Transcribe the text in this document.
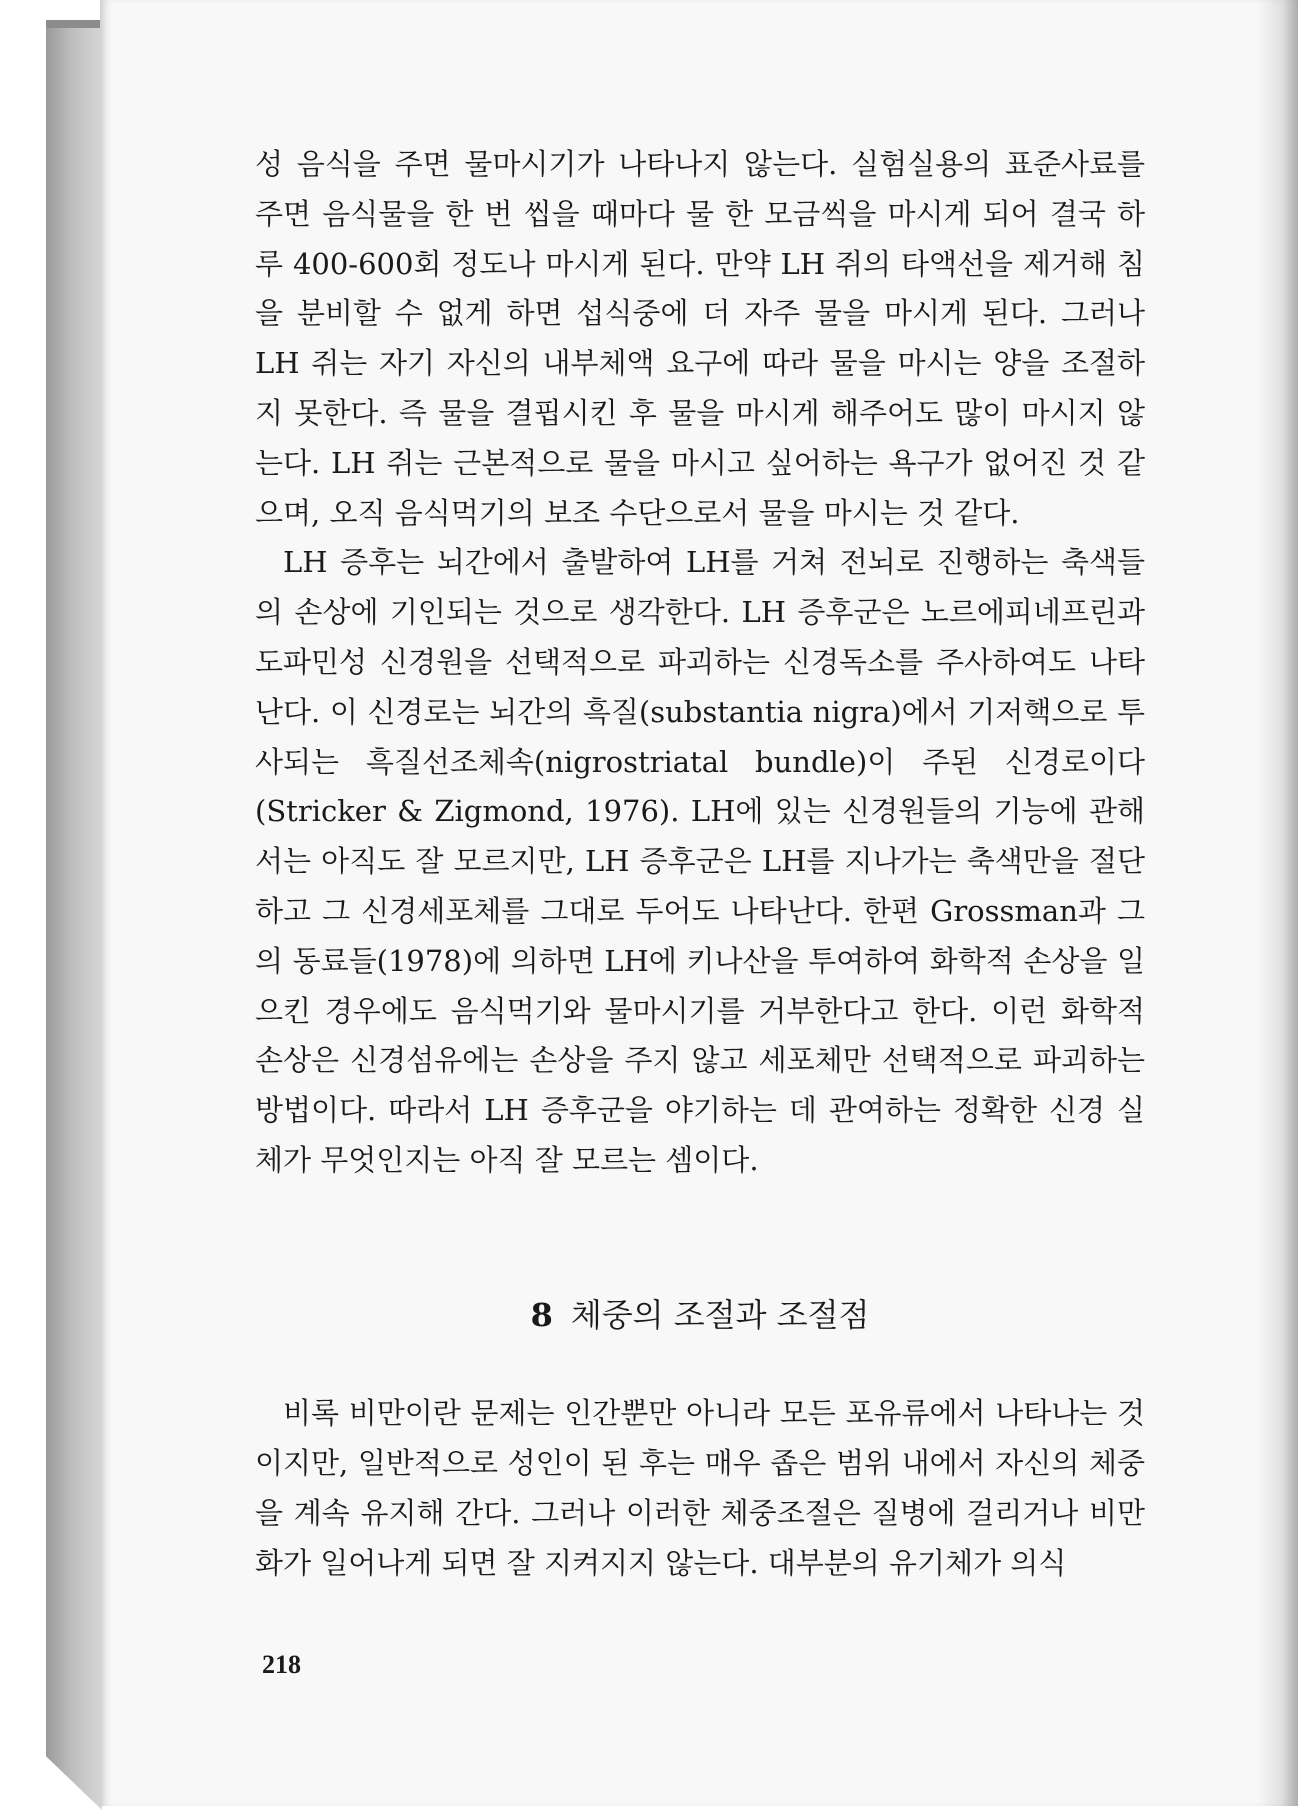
성 음식을 주면 물마시기가 나타나지 않는다. 실험실용의 표준사료를 주면 음식물을 한 번 씹을 때마다 물 한 모금씩을 마시게 되어 결국 하루 400-600회 정도나 마시게 된다. 만약 LH 쥐의 타액선을 제거해 침을 분비할 수 없게 하면 섭식중에 더 자주 물을 마시게 된다. 그러나 LH 쥐는 자기 자신의 내부체액 요구에 따라 물을 마시는 양을 조절하지 못한다. 즉 물을 결핍시킨 후 물을 마시게 해주어도 많이 마시지 않는다. LH 쥐는 근본적으로 물을 마시고 싶어하는 욕구가 없어진 것 같으며, 오직 음식먹기의 보조 수단으로서 물을 마시는 것 같다.

LH 증후는 뇌간에서 출발하여 LH를 거쳐 전뇌로 진행하는 축색들의 손상에 기인되는 것으로 생각한다. LH 증후군은 노르에피네프린과 도파민성 신경원을 선택적으로 파괴하는 신경독소를 주사하여도 나타난다. 이 신경로는 뇌간의 흑질(substantia nigra)에서 기저핵으로 투사되는 흑질선조체속(nigrostriatal bundle)이 주된 신경로이다(Stricker & Zigmond, 1976). LH에 있는 신경원들의 기능에 관해서는 아직도 잘 모르지만, LH 증후군은 LH를 지나가는 축색만을 절단하고 그 신경세포체를 그대로 두어도 나타난다. 한편 Grossman과 그의 동료들(1978)에 의하면 LH에 키나산을 투여하여 화학적 손상을 일으킨 경우에도 음식먹기와 물마시기를 거부한다고 한다. 이런 화학적 손상은 신경섬유에는 손상을 주지 않고 세포체만 선택적으로 파괴하는 방법이다. 따라서 LH 증후군을 야기하는 데 관여하는 정확한 신경 실체가 무엇인지는 아직 잘 모르는 셈이다.

8 체중의 조절과 조절점

비록 비만이란 문제는 인간뿐만 아니라 모든 포유류에서 나타나는 것이지만, 일반적으로 성인이 된 후는 매우 좁은 범위 내에서 자신의 체중을 계속 유지해 간다. 그러나 이러한 체중조절은 질병에 걸리거나 비만화가 일어나게 되면 잘 지켜지지 않는다. 대부분의 유기체가 의식

218
